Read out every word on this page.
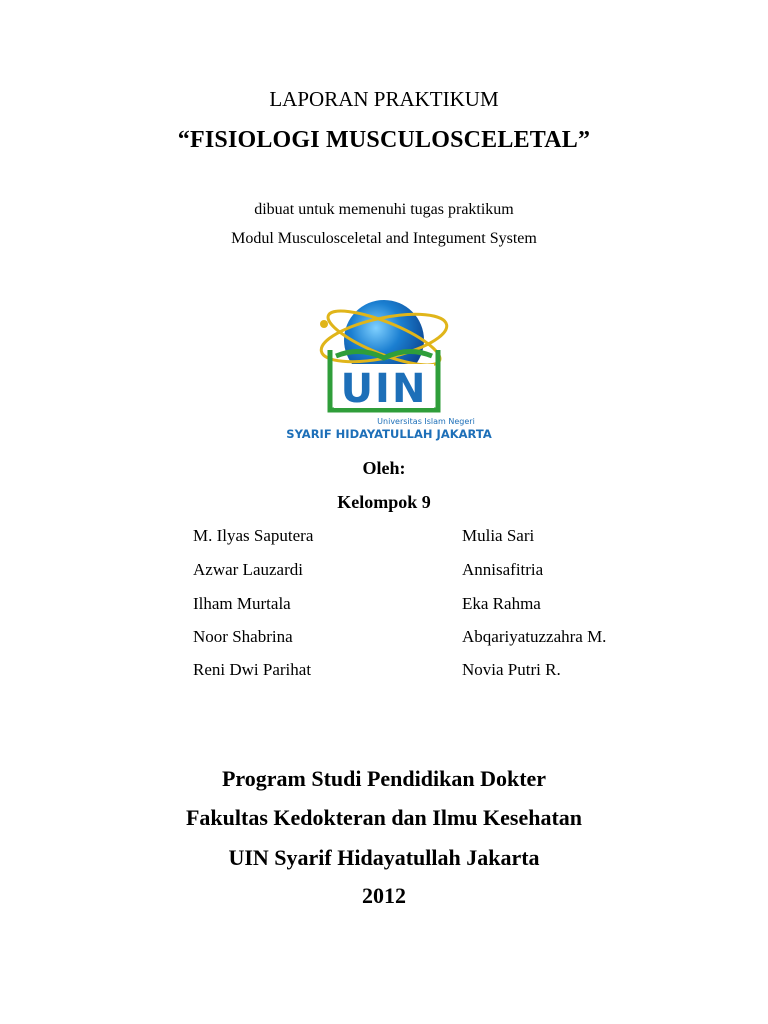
LAPORAN PRAKTIKUM
“FISIOLOGI MUSCULOSCELETAL”
dibuat untuk memenuhi tugas praktikum
Modul Musculosceletal and Integument System
UIN
Universitas Islam Negeri
SYARIF HIDAYATULLAH JAKARTA
Oleh:
Kelompok 9
M. Ilyas Saputera
Azwar Lauzardi
Ilham Murtala
Noor Shabrina
Reni Dwi Parihat
Mulia Sari
Annisafitria
Eka Rahma
Abqariyatuzzahra M.
Novia Putri R.
Program Studi Pendidikan Dokter
Fakultas Kedokteran dan Ilmu Kesehatan
UIN Syarif Hidayatullah Jakarta
2012
